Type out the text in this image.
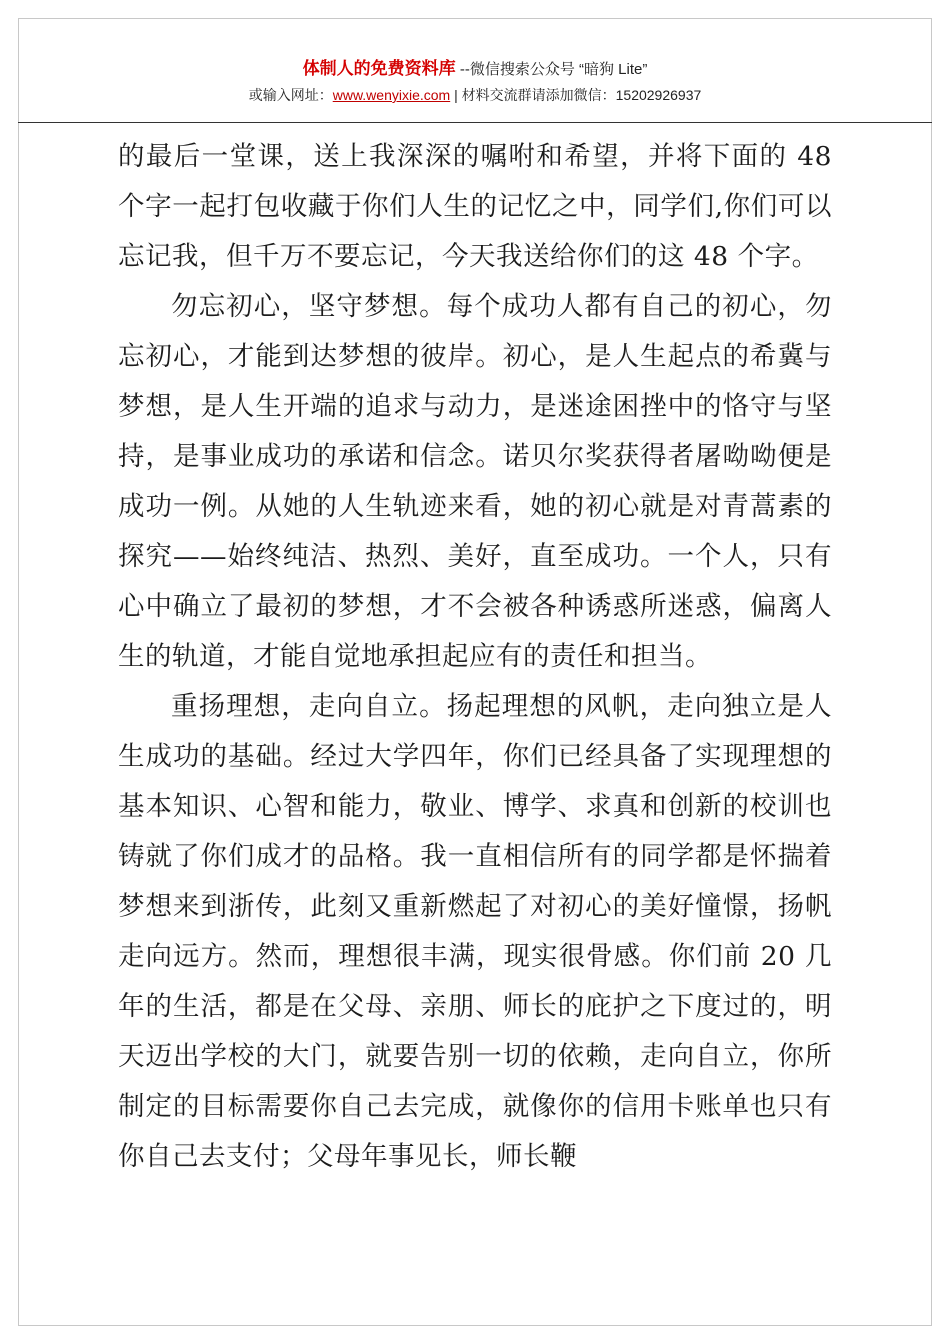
体制人的免费资料库 --微信搜索公众号 “暗狗 Lite”
或输入网址：www.wenyixie.com | 材料交流群请添加微信：15202926937

的最后一堂课，送上我深深的嘱咐和希望，并将下面的 48 个字一起打包收藏于你们人生的记忆之中，同学们,你们可以忘记我，但千万不要忘记，今天我送给你们的这 48 个字。

勿忘初心，坚守梦想。每个成功人都有自己的初心，勿忘初心，才能到达梦想的彼岸。初心，是人生起点的希冀与梦想，是人生开端的追求与动力，是迷途困挫中的恪守与坚持，是事业成功的承诺和信念。诺贝尔奖获得者屠呦呦便是成功一例。从她的人生轨迹来看，她的初心就是对青蒿素的探究——始终纯洁、热烈、美好，直至成功。一个人，只有心中确立了最初的梦想，才不会被各种诱惑所迷惑，偏离人生的轨道，才能自觉地承担起应有的责任和担当。

重扬理想，走向自立。扬起理想的风帆，走向独立是人生成功的基础。经过大学四年，你们已经具备了实现理想的基本知识、心智和能力，敬业、博学、求真和创新的校训也铸就了你们成才的品格。我一直相信所有的同学都是怀揣着梦想来到浙传，此刻又重新燃起了对初心的美好憧憬，扬帆走向远方。然而，理想很丰满，现实很骨感。你们前 20 几年的生活，都是在父母、亲朋、师长的庇护之下度过的，明天迈出学校的大门，就要告别一切的依赖，走向自立，你所制定的目标需要你自己去完成，就像你的信用卡账单也只有你自己去支付；父母年事见长，师长鞭
